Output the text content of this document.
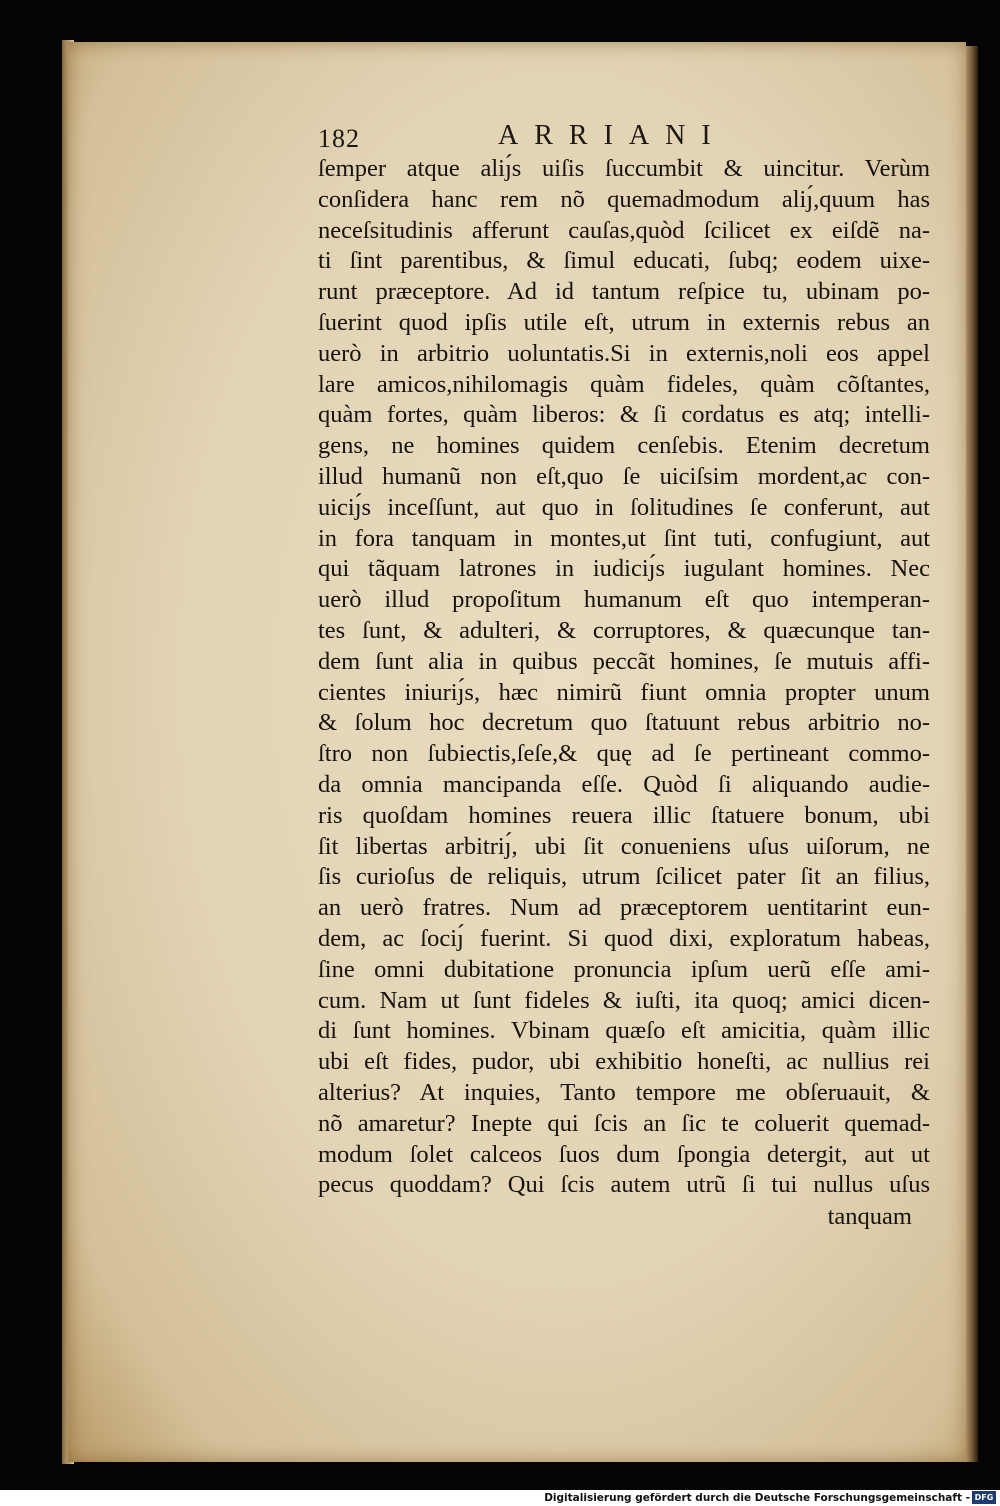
182	ARRIANI
ſemper atque aliȷ́s uiſis ſuccumbit & uincitur. Verùm
conſidera hanc rem nõ quemadmodum aliȷ́,quum has
neceſsitudinis afferunt cauſas,quòd ſcilicet ex eiſdẽ na-
ti ſint parentibus, & ſimul educati, ſubq; eodem uixe-
runt præceptore. Ad id tantum reſpice tu, ubinam po-
ſuerint quod ipſis utile eſt, utrum in externis rebus an
uerò in arbitrio uoluntatis.Si in externis,noli eos appel
lare amicos,nihilomagis quàm fideles, quàm cõſtantes,
quàm fortes, quàm liberos: & ſi cordatus es atq; intelli-
gens, ne homines quidem cenſebis. Etenim decretum
illud humanũ non eſt,quo ſe uiciſsim mordent,ac con-
uiciȷ́s inceſſunt, aut quo in ſolitudines ſe conferunt, aut
in fora tanquam in montes,ut ſint tuti, confugiunt, aut
qui tãquam latrones in iudiciȷ́s iugulant homines. Nec
uerò illud propoſitum humanum eſt quo intemperan-
tes ſunt, & adulteri, & corruptores, & quæcunque tan-
dem ſunt alia in quibus peccãt homines, ſe mutuis affi-
cientes iniuriȷ́s, hæc nimirũ fiunt omnia propter unum
& ſolum hoc decretum quo ſtatuunt rebus arbitrio no-
ſtro non ſubiectis,ſeſe,& quę ad ſe pertineant commo-
da omnia mancipanda eſſe. Quòd ſi aliquando audie-
ris quoſdam homines reuera illic ſtatuere bonum, ubi
ſit libertas arbitriȷ́, ubi ſit conueniens uſus uiſorum, ne
ſis curioſus de reliquis, utrum ſcilicet pater ſit an filius,
an uerò fratres. Num ad præceptorem uentitarint eun-
dem, ac ſociȷ́ fuerint. Si quod dixi, exploratum habeas,
ſine omni dubitatione pronuncia ipſum uerũ eſſe ami-
cum. Nam ut ſunt fideles & iuſti, ita quoq; amici dicen-
di ſunt homines. Vbinam quæſo eſt amicitia, quàm illic
ubi eſt fides, pudor, ubi exhibitio honeſti, ac nullius rei
alterius? At inquies, Tanto tempore me obſeruauit, &
nõ amaretur? Inepte qui ſcis an ſic te coluerit quemad-
modum ſolet calceos ſuos dum ſpongia detergit, aut ut
pecus quoddam? Qui ſcis autem utrũ ſi tui nullus uſus
tanquam
Digitalisierung gefördert durch die Deutsche Forschungsgemeinschaft - DFG
